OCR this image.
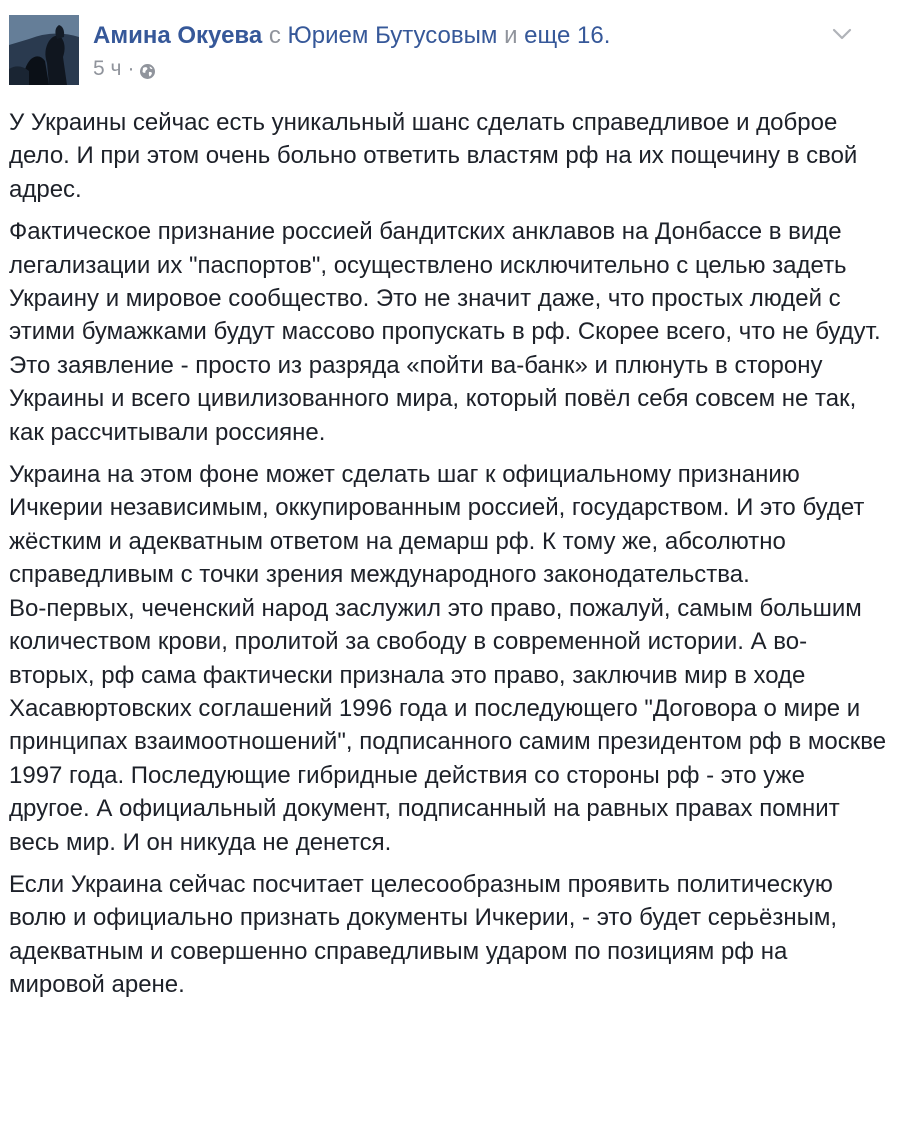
Амина Окуева с Юрием Бутусовым и еще 16.
5 ч ·

У Украины сейчас есть уникальный шанс сделать справедливое и доброе дело. И при этом очень больно ответить властям рф на их пощечину в свой адрес.

Фактическое признание россией бандитских анклавов на Донбассе в виде легализации их "паспортов", осуществлено исключительно с целью задеть Украину и мировое сообщество. Это не значит даже, что простых людей с этими бумажками будут массово пропускать в рф. Скорее всего, что не будут.
Это заявление - просто из разряда «пойти ва-банк» и плюнуть в сторону Украины и всего цивилизованного мира, который повёл себя совсем не так, как рассчитывали россияне.

Украина на этом фоне может сделать шаг к официальному признанию Ичкерии независимым, оккупированным россией, государством. И это будет жёстким и адекватным ответом на демарш рф. К тому же, абсолютно справедливым с точки зрения международного законодательства.
Во-первых, чеченский народ заслужил это право, пожалуй, самым большим количеством крови, пролитой за свободу в современной истории. А во-вторых, рф сама фактически признала это право, заключив мир в ходе Хасавюртовских соглашений 1996 года и последующего "Договора о мире и принципах взаимоотношений", подписанного самим президентом рф в москве 1997 года. Последующие гибридные действия со стороны рф - это уже другое. А официальный документ, подписанный на равных правах помнит весь мир. И он никуда не денется.

Если Украина сейчас посчитает целесообразным проявить политическую волю и официально признать документы Ичкерии, - это будет серьёзным, адекватным и совершенно справедливым ударом по позициям рф на мировой арене.
